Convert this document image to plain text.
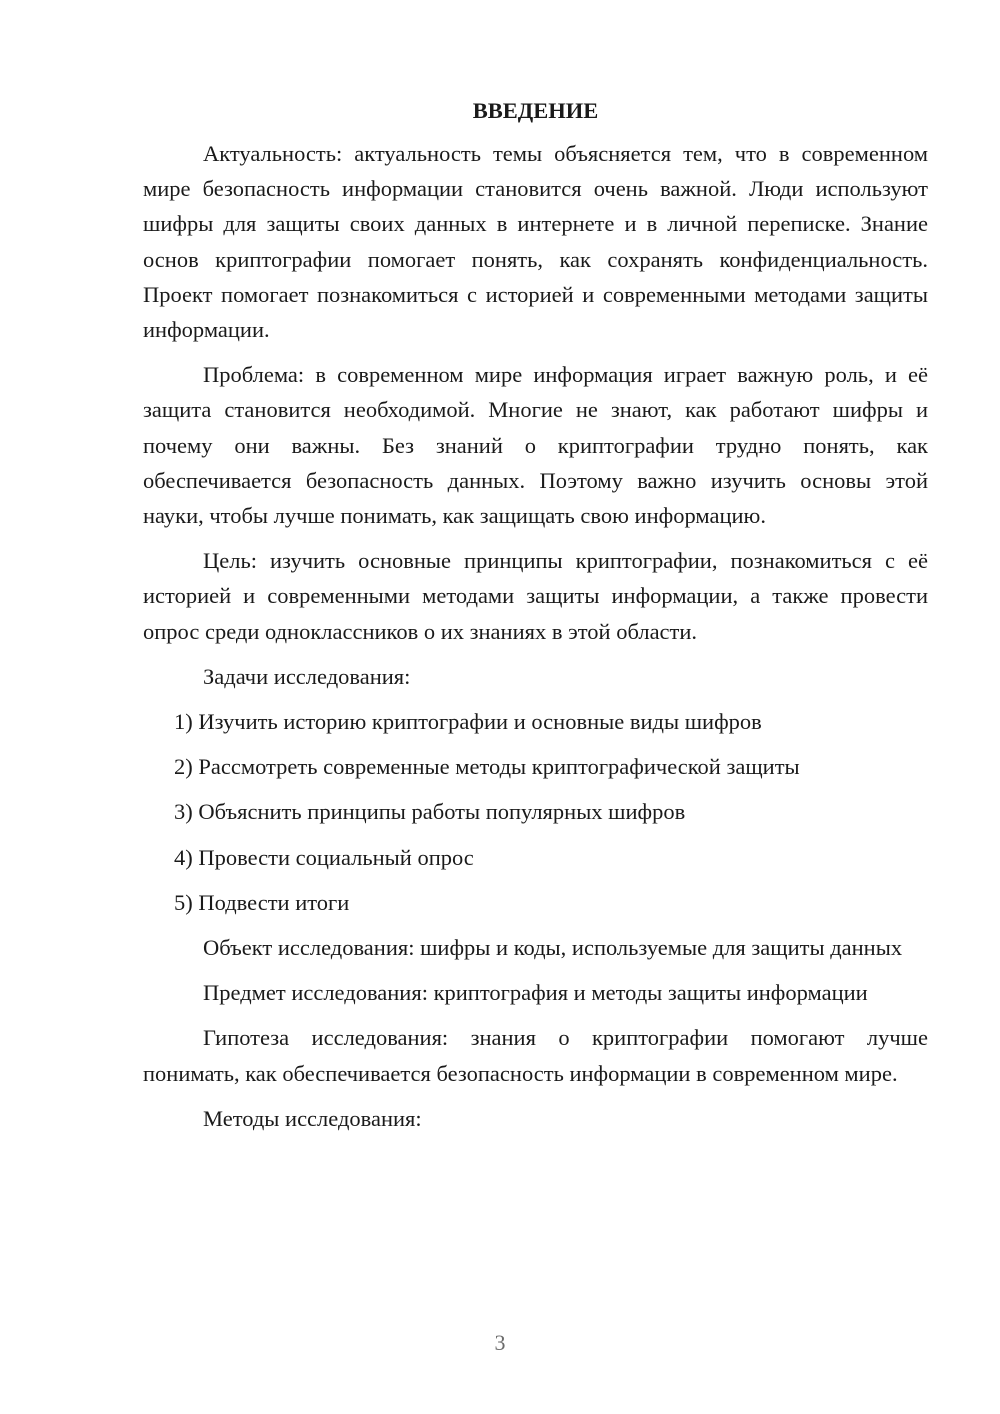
ВВЕДЕНИЕ

Актуальность: актуальность темы объясняется тем, что в современном мире безопасность информации становится очень важной. Люди используют шифры для защиты своих данных в интернете и в личной переписке. Знание основ криптографии помогает понять, как сохранять конфиденциальность. Проект помогает познакомиться с историей и современными методами защиты информации.

Проблема: в современном мире информация играет важную роль, и её защита становится необходимой. Многие не знают, как работают шифры и почему они важны. Без знаний о криптографии трудно понять, как обеспечивается безопасность данных. Поэтому важно изучить основы этой науки, чтобы лучше понимать, как защищать свою информацию.

Цель: изучить основные принципы криптографии, познакомиться с её историей и современными методами защиты информации, а также провести опрос среди одноклассников о их знаниях в этой области.

Задачи исследования:

1) Изучить историю криптографии и основные виды шифров
2) Рассмотреть современные методы криптографической защиты
3) Объяснить принципы работы популярных шифров
4) Провести социальный опрос
5) Подвести итоги

Объект исследования: шифры и коды, используемые для защиты данных

Предмет исследования: криптография и методы защиты информации

Гипотеза исследования: знания о криптографии помогают лучше понимать, как обеспечивается безопасность информации в современном мире.

Методы исследования:

3
